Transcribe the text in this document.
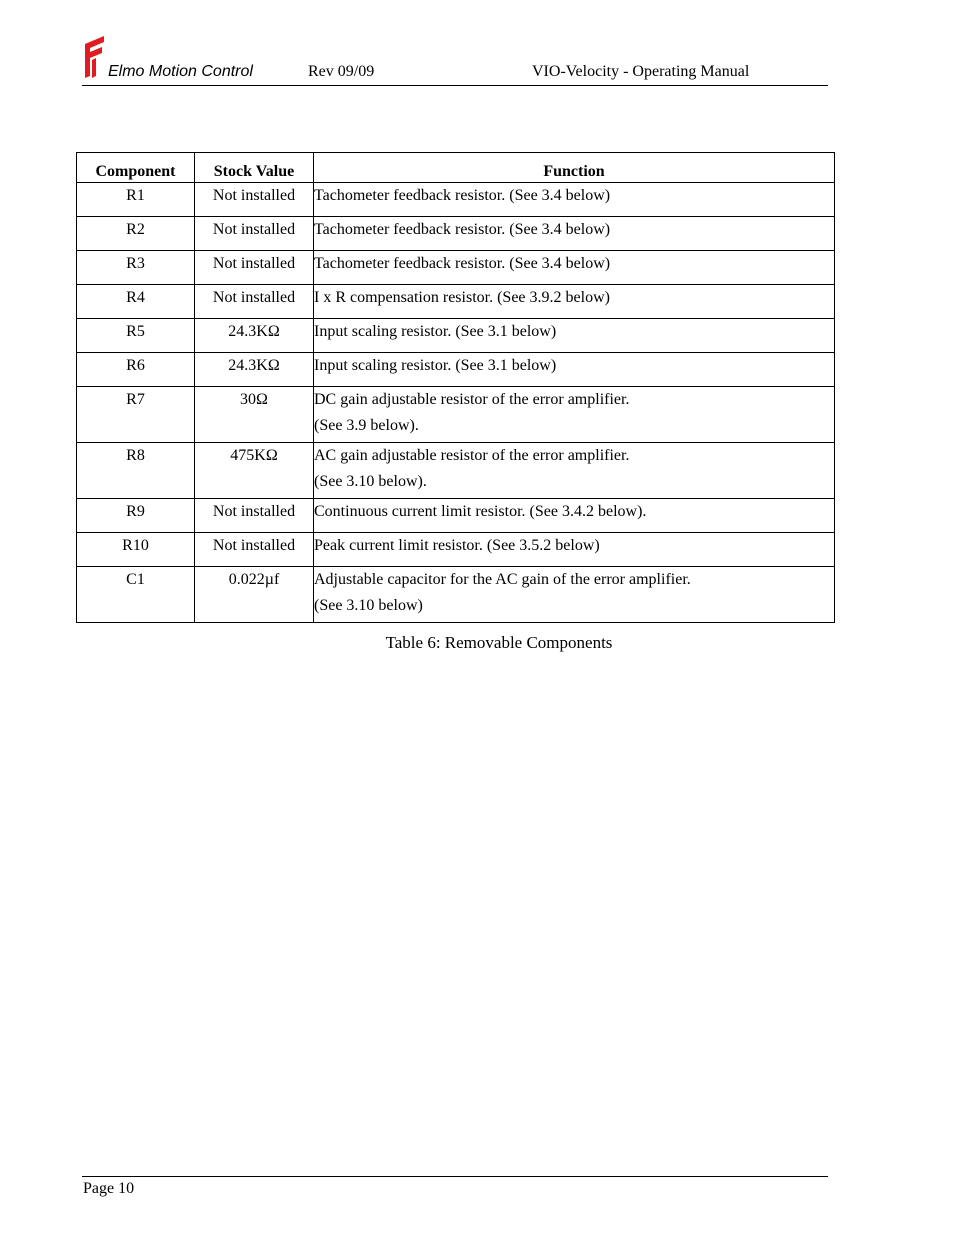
Elmo Motion Control	Rev 09/09	VIO-Velocity - Operating Manual
Component	Stock Value	Function
R1	Not installed	Tachometer feedback resistor. (See 3.4 below)
R2	Not installed	Tachometer feedback resistor. (See 3.4 below)
R3	Not installed	Tachometer feedback resistor. (See 3.4 below)
R4	Not installed	I x R compensation resistor. (See 3.9.2 below)
R5	24.3KΩ	Input scaling resistor. (See 3.1 below)
R6	24.3KΩ	Input scaling resistor. (See 3.1 below)
R7	30Ω	DC gain adjustable resistor of the error amplifier.
(See 3.9 below).

R8	475KΩ	AC gain adjustable resistor of the error amplifier.
(See 3.10 below).

R9	Not installed	Continuous current limit resistor. (See 3.4.2 below).
R10	Not installed	Peak current limit resistor. (See 3.5.2 below)
C1	0.022µf	Adjustable capacitor for the AC gain of the error amplifier.
(See 3.10 below)
Table 6: Removable Components
Page 10
